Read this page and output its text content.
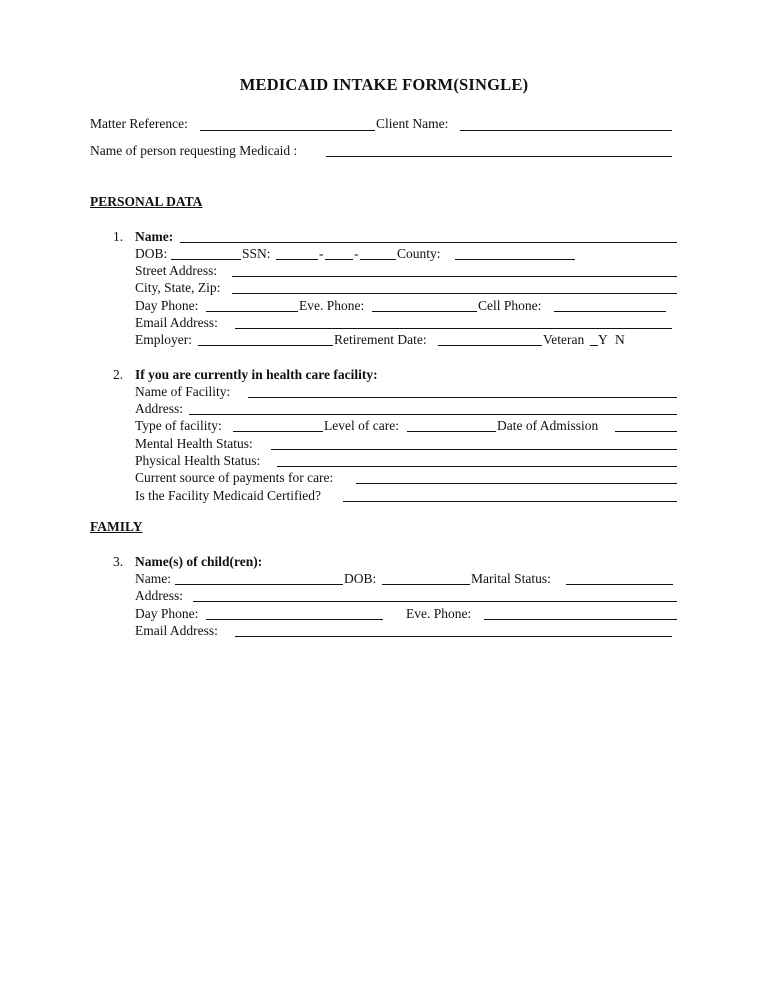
MEDICAID INTAKE FORM(SINGLE)
Matter Reference:	Client Name:
Name of person requesting Medicaid :
PERSONAL DATA
1. Name:
DOB:	SSN:	- -	County:
Street Address:
City, State, Zip:
Day Phone:	Eve. Phone:	Cell Phone:
Email Address:
Employer:	Retirement Date:	Veteran Y N
2. If you are currently in health care facility:
Name of Facility:
Address:
Type of facility:	Level of care:	Date of Admission
Mental Health Status:
Physical Health Status:
Current source of payments for care:
Is the Facility Medicaid Certified?
FAMILY
3. Name(s) of child(ren):
Name:	DOB:	Marital Status:
Address:
Day Phone:	Eve. Phone:
Email Address:
